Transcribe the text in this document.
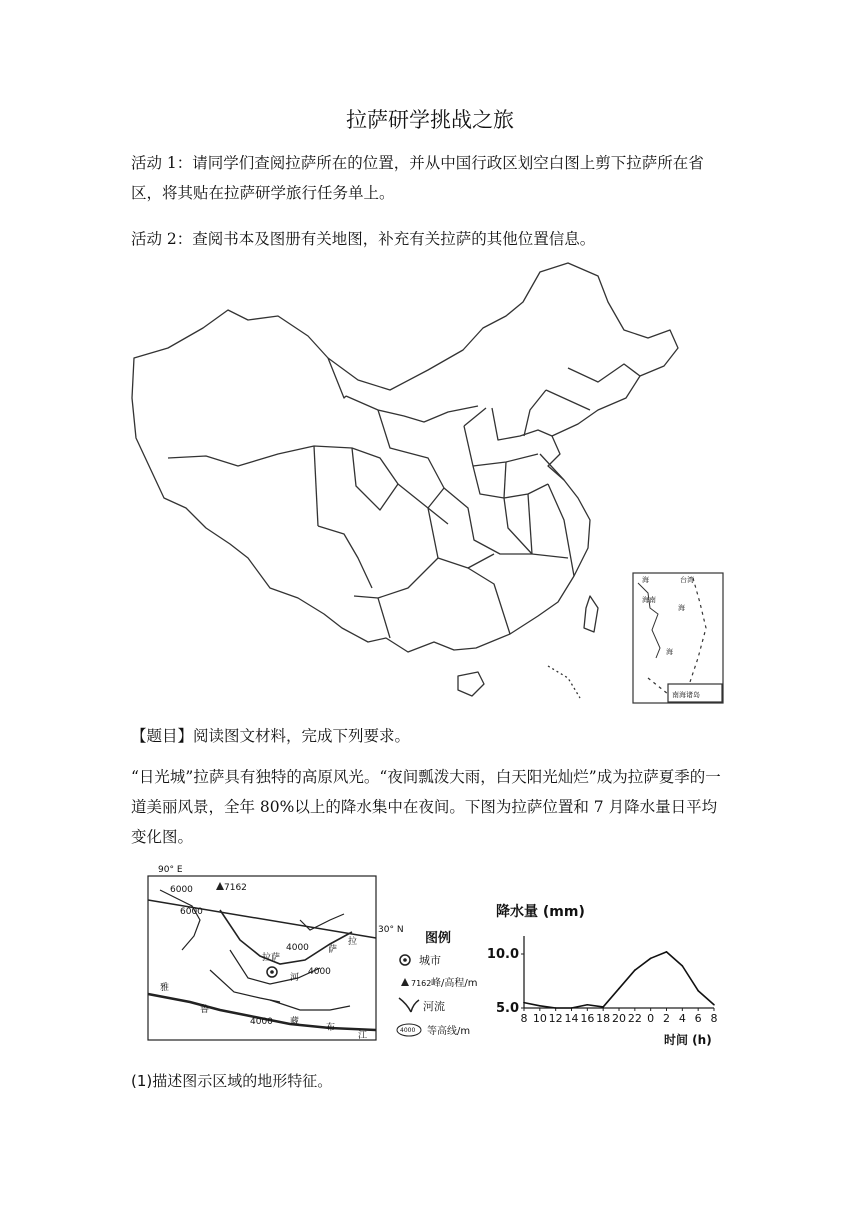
拉萨研学挑战之旅
活动 1：请同学们查阅拉萨所在的位置，并从中国行政区划空白图上剪下拉萨所在省区，将其贴在拉萨研学旅行任务单上。
活动 2：查阅书本及图册有关地图，补充有关拉萨的其他位置信息。
海	台湾
海南
海
海
南海诸岛
【题目】阅读图文材料，完成下列要求。
“日光城”拉萨具有独特的高原风光。“夜间瓢泼大雨，白天阳光灿烂”成为拉萨夏季的一道美丽风景，全年 80%以上的降水集中在夜间。下图为拉萨位置和 7 月降水量日平均变化图。
90° E
30° N
6000
6000
4000
4000
4000
7162
拉萨
拉
萨
河
雅
鲁
藏
布
江
图例
城市
7162 峰/高程/m
河流
4000 等高线/m
降水量 (mm)
时间 (h)
10.0
5.0
8 10 12 14 16 18 20 22 0 2 4 6 8
(1)描述图示区域的地形特征。
